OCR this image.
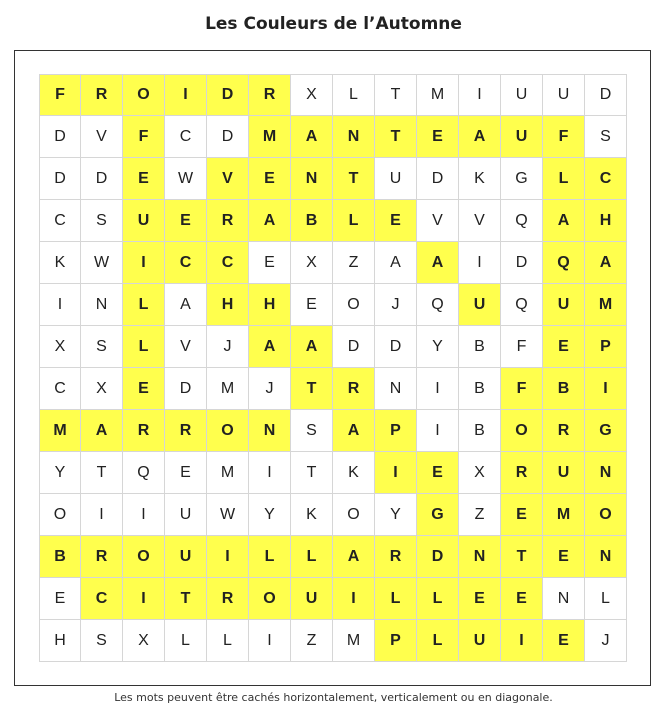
Les Couleurs de l’Automne
F	R	O	I	D	R	X	L	T	M	I	U	U	D
D	V	F	C	D	M	A	N	T	E	A	U	F	S
D	D	E	W	V	E	N	T	U	D	K	G	L	C
C	S	U	E	R	A	B	L	E	V	V	Q	A	H
K	W	I	C	C	E	X	Z	A	A	I	D	Q	A
I	N	L	A	H	H	E	O	J	Q	U	Q	U	M
X	S	L	V	J	A	A	D	D	Y	B	F	E	P
C	X	E	D	M	J	T	R	N	I	B	F	B	I
M	A	R	R	O	N	S	A	P	I	B	O	R	G
Y	T	Q	E	M	I	T	K	I	E	X	R	U	N
O	I	I	U	W	Y	K	O	Y	G	Z	E	M	O
B	R	O	U	I	L	L	A	R	D	N	T	E	N
E	C	I	T	R	O	U	I	L	L	E	E	N	L
H	S	X	L	L	I	Z	M	P	L	U	I	E	J
Les mots peuvent être cachés horizontalement, verticalement ou en diagonale.
